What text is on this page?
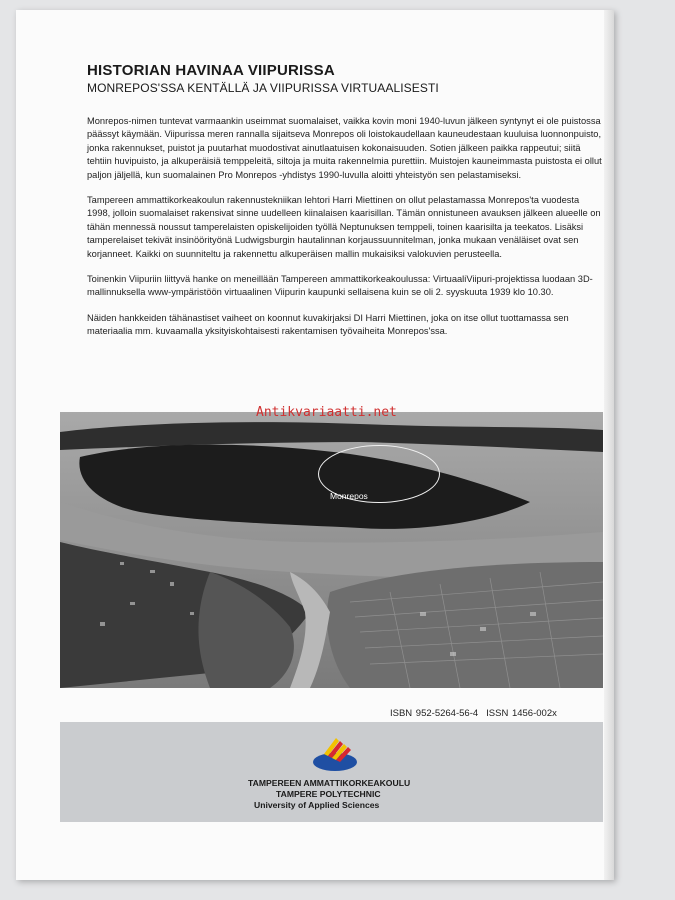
HISTORIAN HAVINAA VIIPURISSA
MONREPOS'SSA KENTÄLLÄ JA VIIPURISSA VIRTUAALISESTI

Monrepos-nimen tuntevat varmaankin useimmat suomalaiset, vaikka kovin moni 1940-luvun jälkeen syntynyt ei ole puistossa päässyt käymään. Viipurissa meren rannalla sijaitseva Monrepos oli loistokaudellaan kauneudestaan kuuluisa luonnonpuisto, jonka rakennukset, puistot ja puutarhat muodostivat ainutlaatuisen kokonaisuuden. Sotien jälkeen paikka rappeutui; siitä tehtiin huvipuisto, ja alkuperäisiä temppeleitä, siltoja ja muita rakennelmia purettiin. Muistojen kauneimmasta puistosta ei ollut paljon jäljellä, kun suomalainen Pro Monrepos -yhdistys 1990-luvulla aloitti yhteistyön sen pelastamiseksi.

Tampereen ammattikorkeakoulun rakennustekniikan lehtori Harri Miettinen on ollut pelastamassa Monrepos'ta vuodesta 1998, jolloin suomalaiset rakensivat sinne uudelleen kiinalaisen kaarisillan. Tämän onnistuneen avauksen jälkeen alueelle on tähän mennessä noussut tamperelaisten opiskelijoiden työllä Neptunuksen temppeli, toinen kaarisilta ja teekatos. Lisäksi tamperelaiset tekivät insinöörityönä Ludwigsburgin hautalinnan korjaussuunnitelman, jonka mukaan venäläiset ovat sen korjanneet. Kaikki on suunniteltu ja rakennettu alkuperäisen mallin mukaisiksi valokuvien perusteella.

Toinenkin Viipuriin liittyvä hanke on meneillään Tampereen ammattikorkeakoulussa: VirtuaaliViipuri-projektissa luodaan 3D-mallinnuksella www-ympäristöön virtuaalinen Viipurin kaupunki sellaisena kuin se oli 2. syyskuuta 1939 klo 10.30.

Näiden hankkeiden tähänastiset vaiheet on koonnut kuvakirjaksi DI Harri Miettinen, joka on itse ollut tuottamassa sen materiaalia mm. kuvaamalla yksityiskohtaisesti rakentamisen työvaiheita Monrepos'ssa.

Monrepos
Antikvariaatti.net
ISBN 952-5264-56-4 ISSN 1456-002x
TAMPEREEN AMMATTIKORKEAKOULU
TAMPERE POLYTECHNIC
University of Applied Sciences
